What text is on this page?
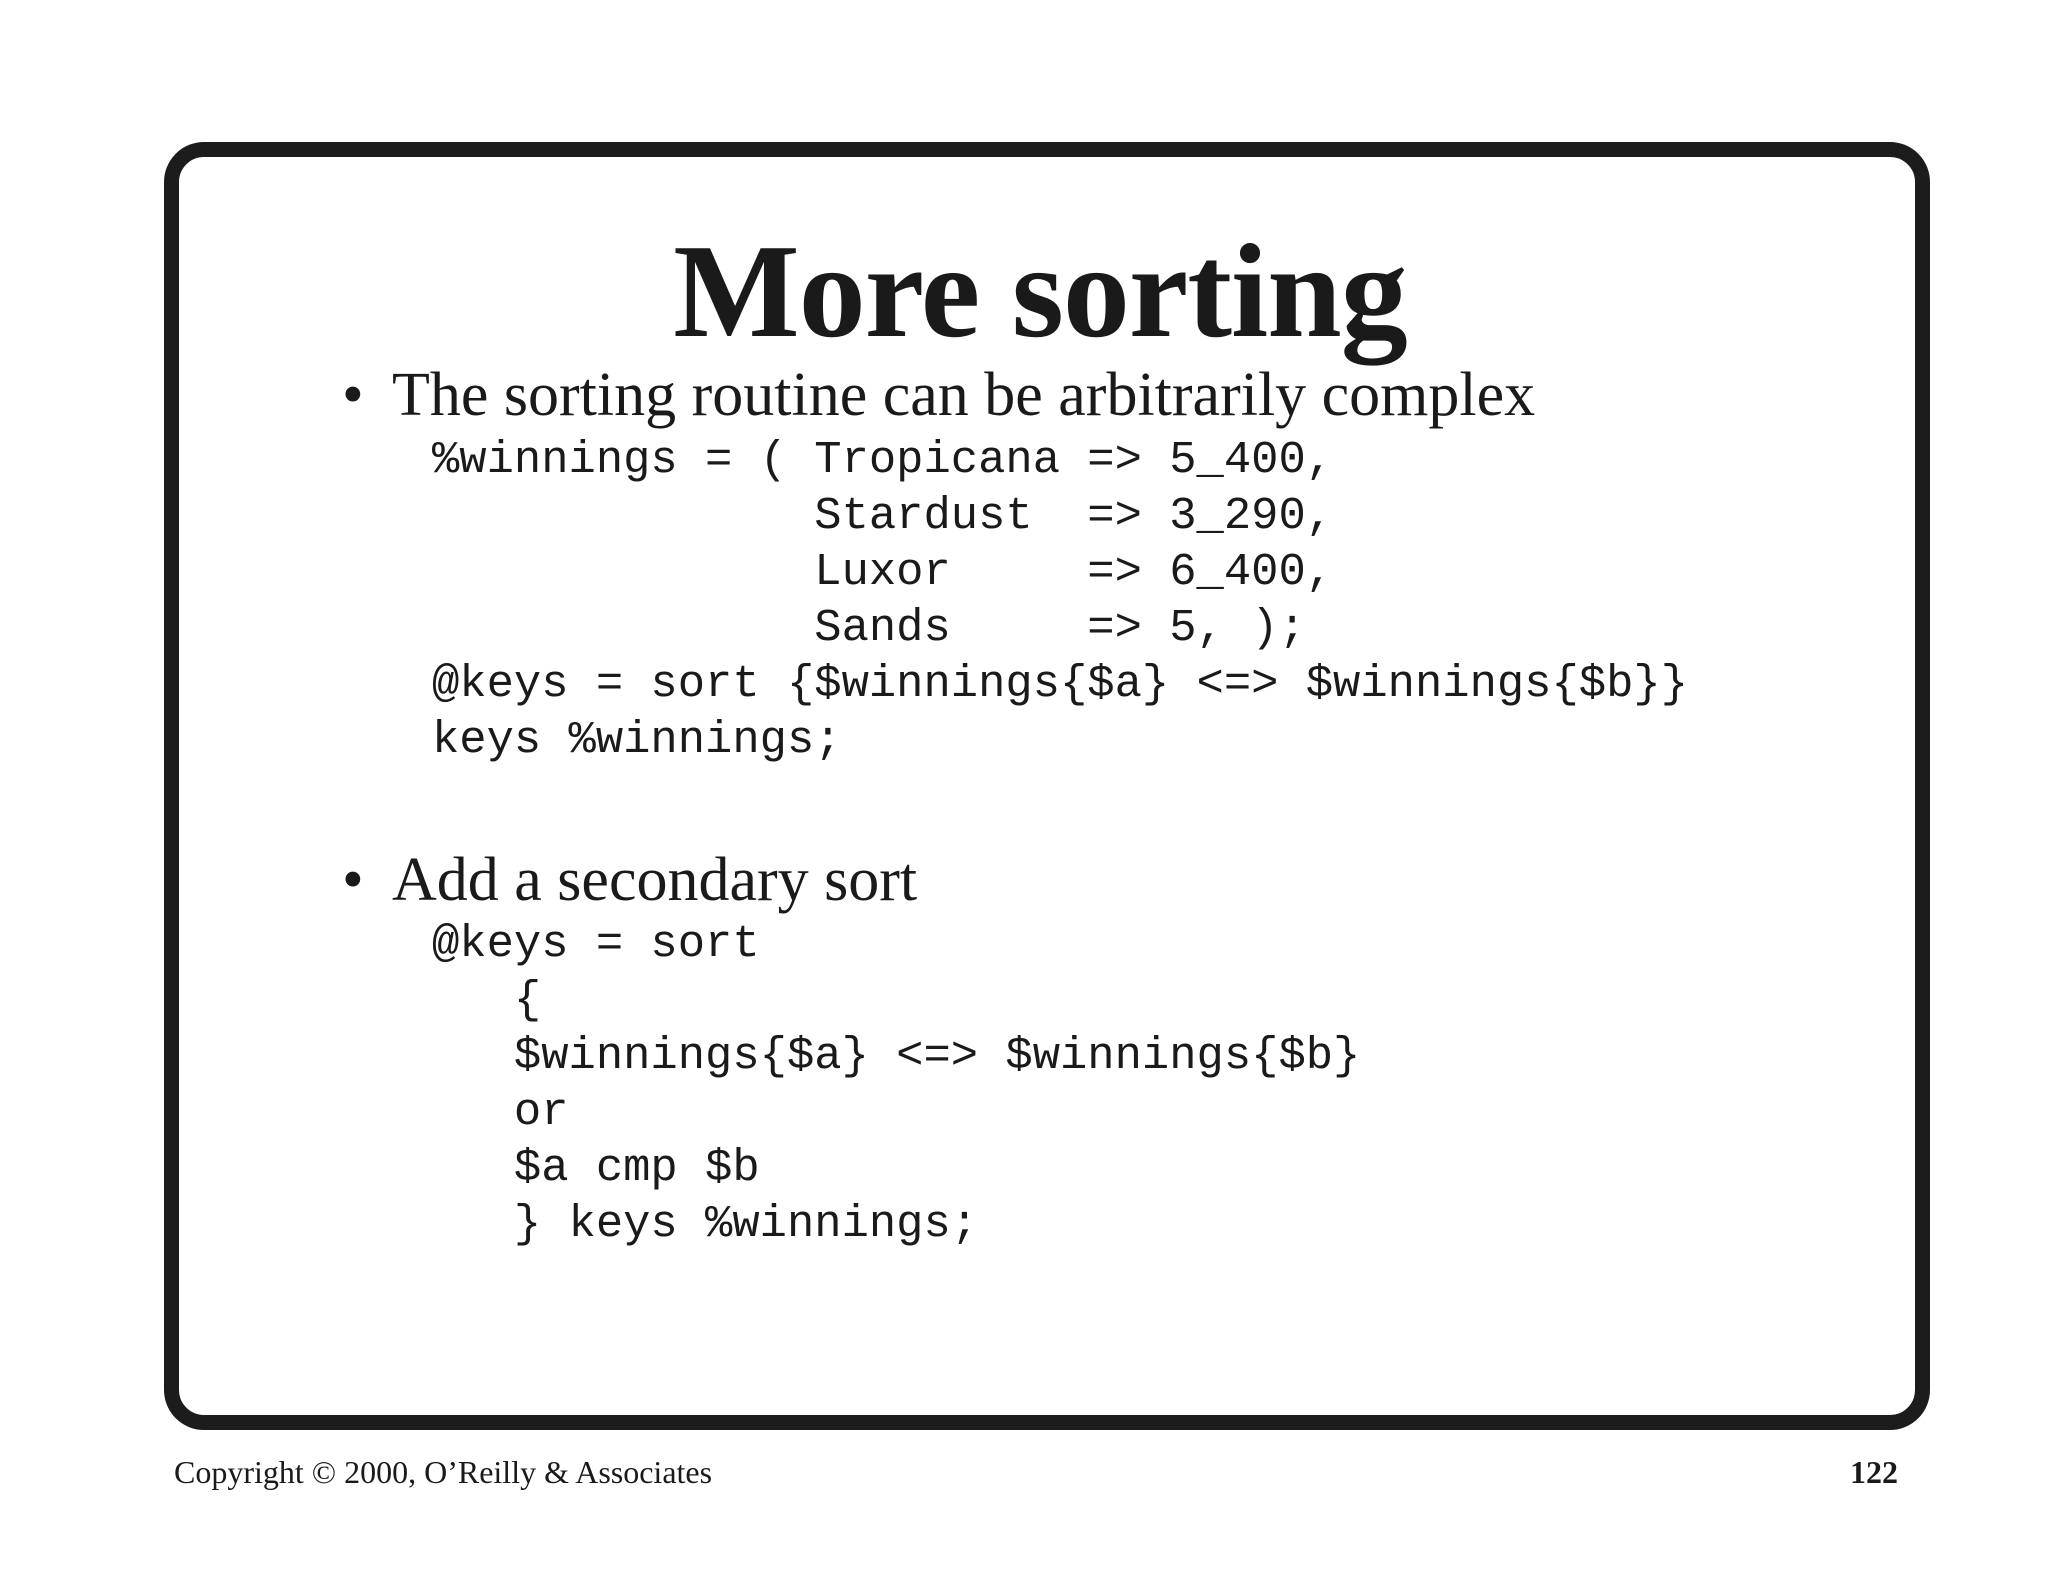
More sorting
• The sorting routine can be arbitrarily complex
%winnings = ( Tropicana => 5_400,
Stardust  => 3_290,
Luxor     => 6_400,
Sands     => 5, );
@keys = sort {$winnings{$a} <=> $winnings{$b}}
keys %winnings;
• Add a secondary sort
@keys = sort
{
$winnings{$a} <=> $winnings{$b}
or
$a cmp $b
} keys %winnings;
Copyright © 2000, O’Reilly & Associates	122
